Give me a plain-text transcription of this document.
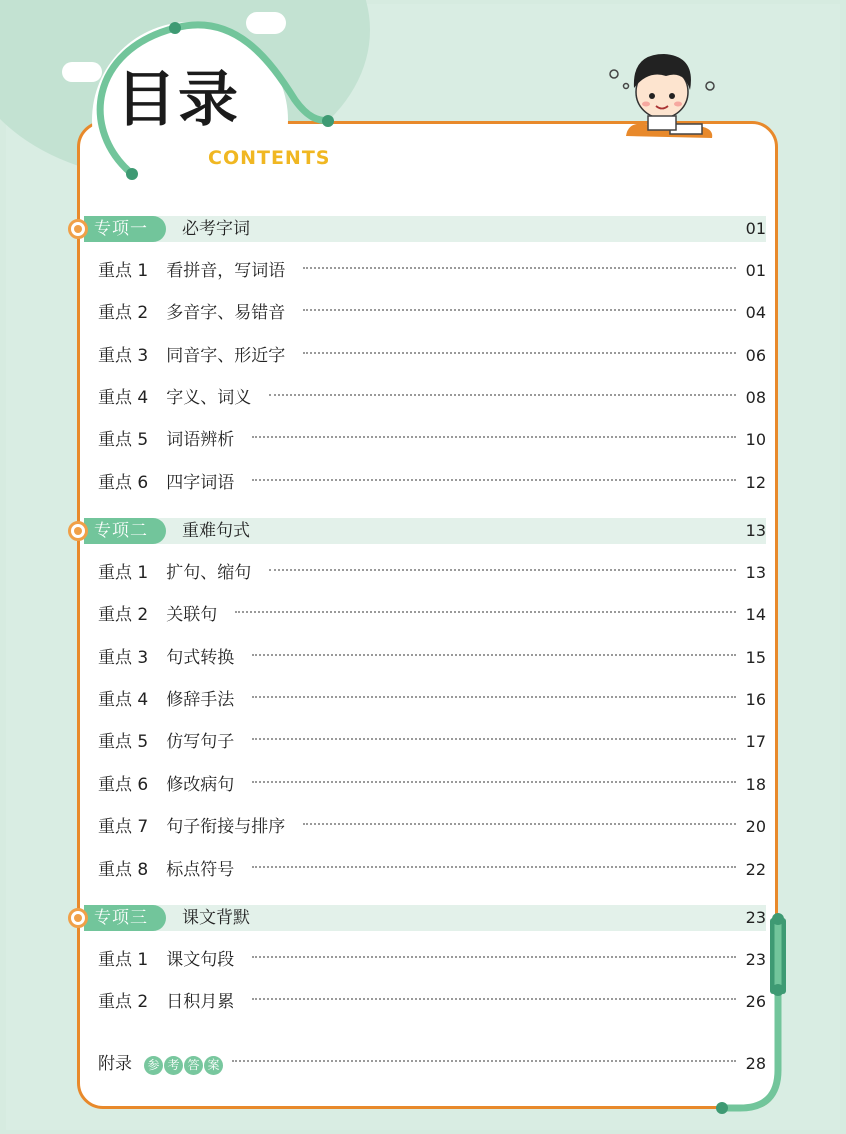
目录
CONTENTS
专项一	必考字词	01
重点 1 看拼音，写词语	01
重点 2 多音字、易错音	04
重点 3 同音字、形近字	06
重点 4 字义、词义	08
重点 5 词语辨析	10
重点 6 四字词语	12
专项二	重难句式	13
重点 1 扩句、缩句	13
重点 2 关联句	14
重点 3 句式转换	15
重点 4 修辞手法	16
重点 5 仿写句子	17
重点 6 修改病句	18
重点 7 句子衔接与排序	20
重点 8 标点符号	22
专项三	课文背默	23
重点 1 课文句段	23
重点 2 日积月累	26
附录 参 考 答 案	28
